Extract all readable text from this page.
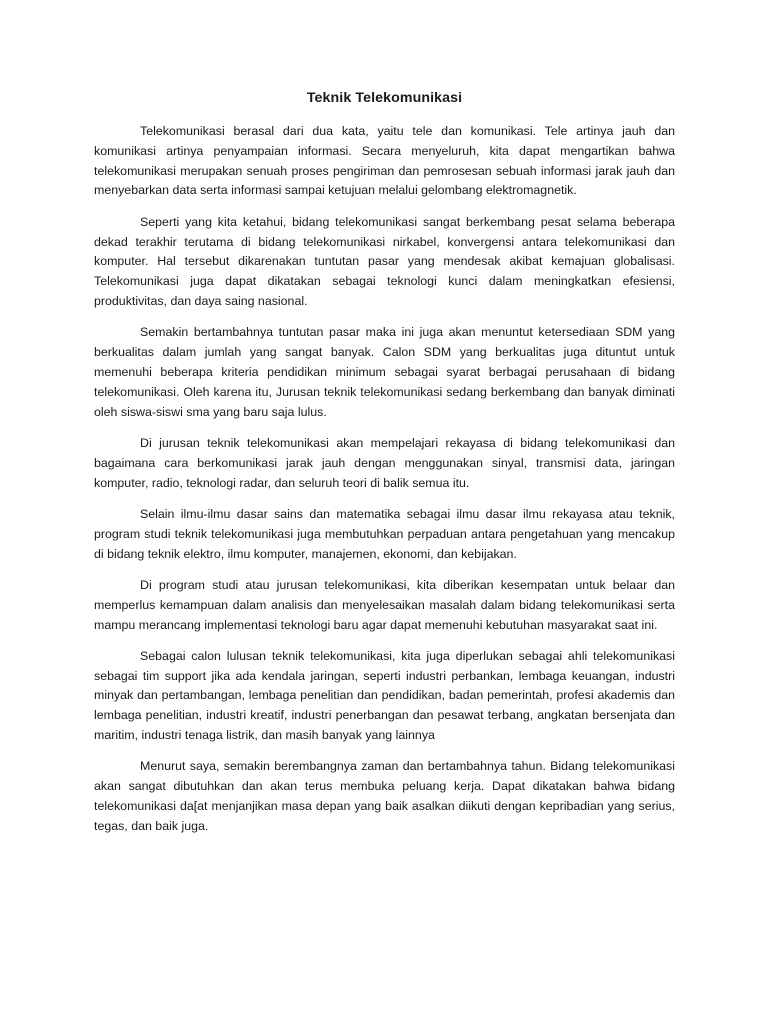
Teknik Telekomunikasi

Telekomunikasi berasal dari dua kata, yaitu tele dan komunikasi. Tele artinya jauh dan komunikasi artinya penyampaian informasi. Secara menyeluruh, kita dapat mengartikan bahwa telekomunikasi merupakan senuah proses pengiriman dan pemrosesan sebuah informasi jarak jauh dan menyebarkan data serta informasi sampai ketujuan melalui gelombang elektromagnetik.

Seperti yang kita ketahui, bidang telekomunikasi sangat berkembang pesat selama beberapa dekad terakhir terutama di bidang telekomunikasi nirkabel, konvergensi antara telekomunikasi dan komputer. Hal tersebut dikarenakan tuntutan pasar yang mendesak akibat kemajuan globalisasi. Telekomunikasi juga dapat dikatakan sebagai teknologi kunci dalam meningkatkan efesiensi, produktivitas, dan daya saing nasional.

Semakin bertambahnya tuntutan pasar maka ini juga akan menuntut ketersediaan SDM yang berkualitas dalam jumlah yang sangat banyak. Calon SDM yang berkualitas juga dituntut untuk memenuhi beberapa kriteria pendidikan minimum sebagai syarat berbagai perusahaan di bidang telekomunikasi. Oleh karena itu, Jurusan teknik telekomunikasi sedang berkembang dan banyak diminati oleh siswa-siswi sma yang baru saja lulus.

Di jurusan teknik telekomunikasi akan mempelajari rekayasa di bidang telekomunikasi dan bagaimana cara berkomunikasi jarak jauh dengan menggunakan sinyal, transmisi data, jaringan komputer, radio, teknologi radar, dan seluruh teori di balik semua itu.

Selain ilmu-ilmu dasar sains dan matematika sebagai ilmu dasar ilmu rekayasa atau teknik, program studi teknik telekomunikasi juga membutuhkan perpaduan antara pengetahuan yang mencakup di bidang teknik elektro, ilmu komputer, manajemen, ekonomi, dan kebijakan.

Di program studi atau jurusan telekomunikasi, kita diberikan kesempatan untuk belaar dan memperlus kemampuan dalam analisis dan menyelesaikan masalah dalam bidang telekomunikasi serta mampu merancang implementasi teknologi baru agar dapat memenuhi kebutuhan masyarakat saat ini.

Sebagai calon lulusan teknik telekomunikasi, kita juga diperlukan sebagai ahli telekomunikasi sebagai tim support jika ada kendala jaringan, seperti industri perbankan, lembaga keuangan, industri minyak dan pertambangan, lembaga penelitian dan pendidikan, badan pemerintah, profesi akademis dan lembaga penelitian, industri kreatif, industri penerbangan dan pesawat terbang, angkatan bersenjata dan maritim, industri tenaga listrik, dan masih banyak yang lainnya

Menurut saya, semakin berembangnya zaman dan bertambahnya tahun. Bidang telekomunikasi akan sangat dibutuhkan dan akan terus membuka peluang kerja. Dapat dikatakan bahwa bidang telekomunikasi da[at menjanjikan masa depan yang baik asalkan diikuti dengan kepribadian yang serius, tegas, dan baik juga.
